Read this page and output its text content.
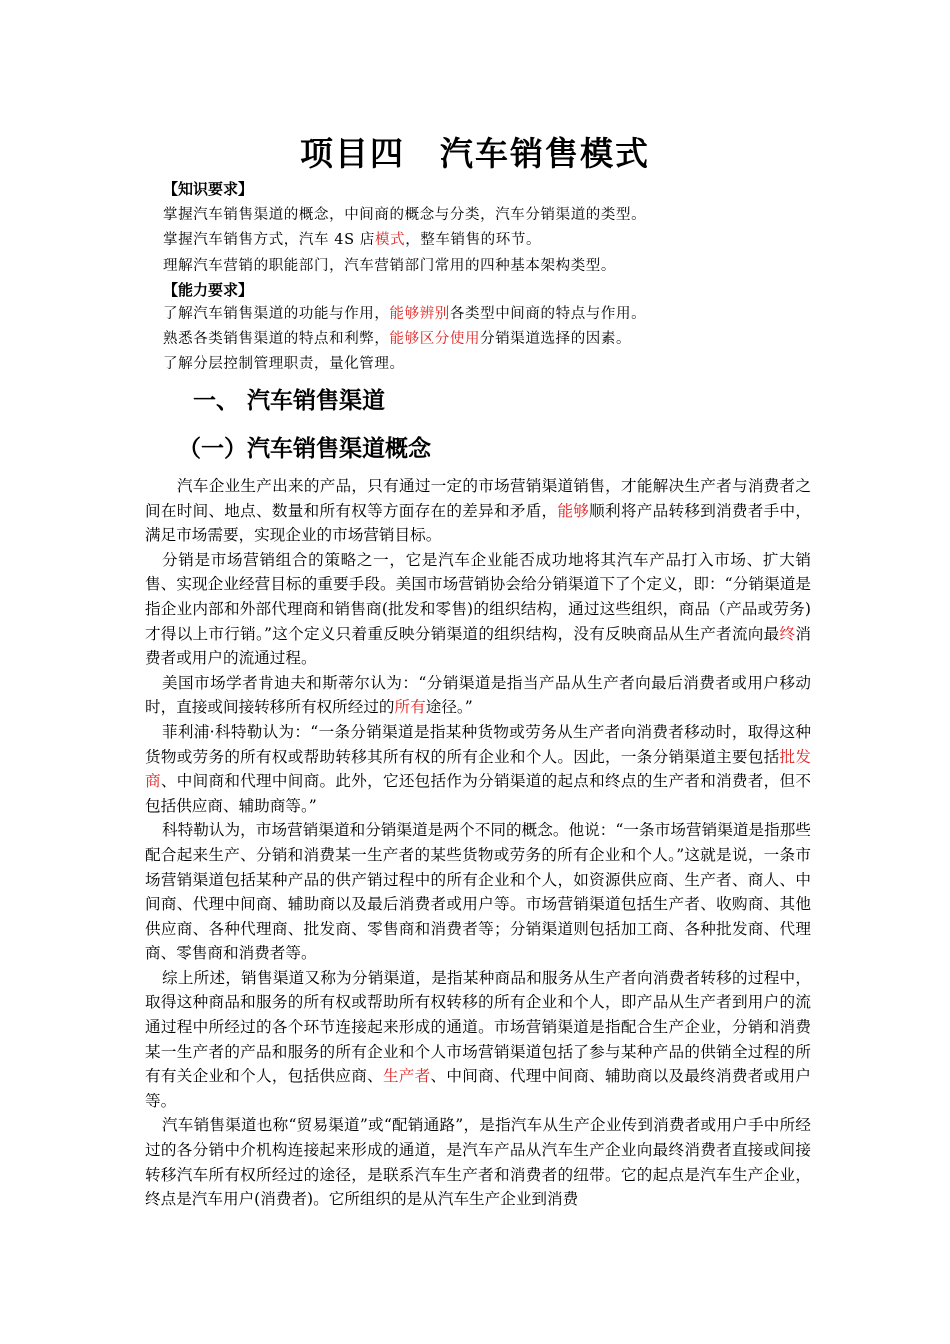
项目四　汽车销售模式
【知识要求】
掌握汽车销售渠道的概念，中间商的概念与分类，汽车分销渠道的类型。
掌握汽车销售方式，汽车 4S 店模式，整车销售的环节。
理解汽车营销的职能部门，汽车营销部门常用的四种基本架构类型。
【能力要求】
了解汽车销售渠道的功能与作用，能够辨别各类型中间商的特点与作用。
熟悉各类销售渠道的特点和利弊，能够区分使用分销渠道选择的因素。
了解分层控制管理职责，量化管理。
一、 汽车销售渠道
（一）汽车销售渠道概念

汽车企业生产出来的产品，只有通过一定的市场营销渠道销售，才能解决生产者与消费者之间在时间、地点、数量和所有权等方面存在的差异和矛盾，能够顺利将产品转移到消费者手中，满足市场需要，实现企业的市场营销目标。

分销是市场营销组合的策略之一，它是汽车企业能否成功地将其汽车产品打入市场、扩大销售、实现企业经营目标的重要手段。美国市场营销协会给分销渠道下了个定义，即：“分销渠道是指企业内部和外部代理商和销售商(批发和零售)的组织结构，通过这些组织，商品（产品或劳务)才得以上市行销。”这个定义只着重反映分销渠道的组织结构，没有反映商品从生产者流向最终消费者或用户的流通过程。

美国市场学者肯迪夫和斯蒂尔认为：“分销渠道是指当产品从生产者向最后消费者或用户移动时，直接或间接转移所有权所经过的所有途径。”

菲利浦·科特勒认为：“一条分销渠道是指某种货物或劳务从生产者向消费者移动时，取得这种货物或劳务的所有权或帮助转移其所有权的所有企业和个人。因此，一条分销渠道主要包括批发商、中间商和代理中间商。此外，它还包括作为分销渠道的起点和终点的生产者和消费者，但不包括供应商、辅助商等。”

科特勒认为，市场营销渠道和分销渠道是两个不同的概念。他说：“一条市场营销渠道是指那些配合起来生产、分销和消费某一生产者的某些货物或劳务的所有企业和个人。”这就是说，一条市场营销渠道包括某种产品的供产销过程中的所有企业和个人，如资源供应商、生产者、商人、中间商、代理中间商、辅助商以及最后消费者或用户等。市场营销渠道包括生产者、收购商、其他供应商、各种代理商、批发商、零售商和消费者等；分销渠道则包括加工商、各种批发商、代理商、零售商和消费者等。

综上所述，销售渠道又称为分销渠道，是指某种商品和服务从生产者向消费者转移的过程中，取得这种商品和服务的所有权或帮助所有权转移的所有企业和个人，即产品从生产者到用户的流通过程中所经过的各个环节连接起来形成的通道。市场营销渠道是指配合生产企业，分销和消费某一生产者的产品和服务的所有企业和个人市场营销渠道包括了参与某种产品的供销全过程的所有有关企业和个人，包括供应商、生产者、中间商、代理中间商、辅助商以及最终消费者或用户等。

汽车销售渠道也称“贸易渠道”或“配销通路”，是指汽车从生产企业传到消费者或用户手中所经过的各分销中介机构连接起来形成的通道，是汽车产品从汽车生产企业向最终消费者直接或间接转移汽车所有权所经过的途径，是联系汽车生产者和消费者的纽带。它的起点是汽车生产企业，终点是汽车用户(消费者)。它所组织的是从汽车生产企业到消费
